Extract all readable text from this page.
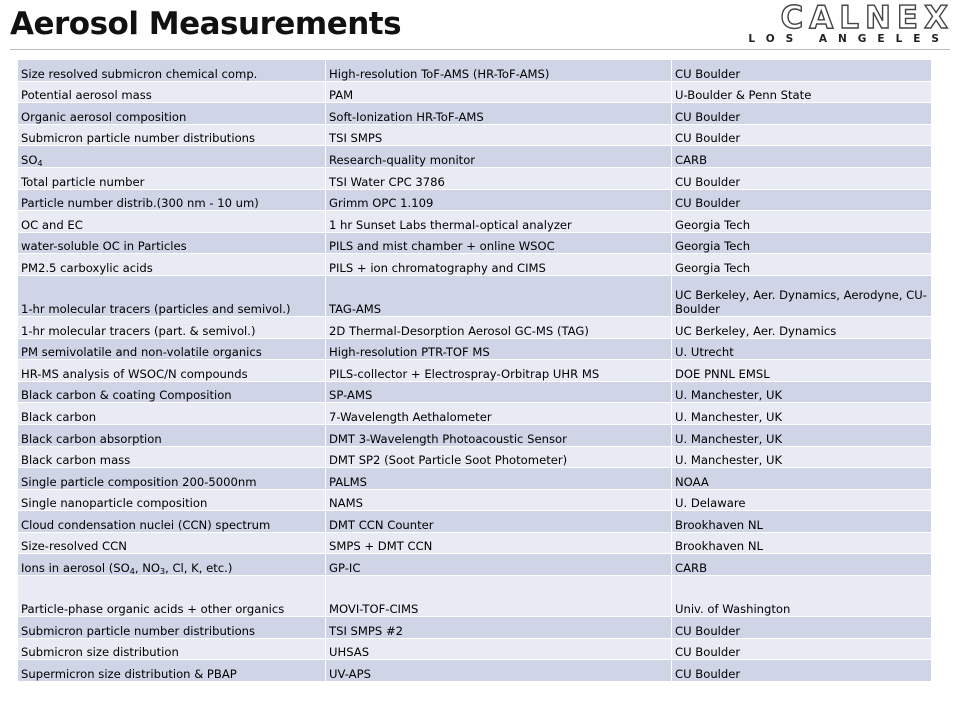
Aerosol Measurements	CALNEX
LOS ANGELES
Size resolved submicron chemical comp.	High-resolution ToF-AMS (HR-ToF-AMS)	CU Boulder
Potential aerosol mass	PAM	U-Boulder & Penn State
Organic aerosol composition	Soft-Ionization HR-ToF-AMS	CU Boulder
Submicron particle number distributions	TSI SMPS	CU Boulder
$SO_4$	Research-quality monitor	CARB
Total particle number	TSI Water CPC 3786	CU Boulder
Particle number distrib.(300 nm - 10 um)	Grimm OPC 1.109	CU Boulder
OC and EC	1 hr Sunset Labs thermal-optical analyzer	Georgia Tech
water-soluble OC in Particles	PILS and mist chamber + online WSOC	Georgia Tech
PM2.5 carboxylic acids	PILS + ion chromatography and CIMS	Georgia Tech
1-hr molecular tracers (particles and semivol.)	TAG-AMS	UC Berkeley, Aer. Dynamics, Aerodyne, CU-Boulder
1-hr molecular tracers (part. & semivol.)	2D Thermal-Desorption Aerosol GC-MS (TAG)	UC Berkeley, Aer. Dynamics
PM semivolatile and non-volatile organics	High-resolution PTR-TOF MS	U. Utrecht
HR-MS analysis of WSOC/N compounds	PILS-collector + Electrospray-Orbitrap UHR MS	DOE PNNL EMSL
Black carbon & coating Composition	SP-AMS	U. Manchester, UK
Black carbon	7-Wavelength Aethalometer	U. Manchester, UK
Black carbon absorption	DMT 3-Wavelength Photoacoustic Sensor	U. Manchester, UK
Black carbon mass	DMT SP2 (Soot Particle Soot Photometer)	U. Manchester, UK
Single particle composition 200-5000nm	PALMS	NOAA
Single nanoparticle composition	NAMS	U. Delaware
Cloud condensation nuclei (CCN) spectrum	DMT CCN Counter	Brookhaven NL
Size-resolved CCN	SMPS + DMT CCN	Brookhaven NL
Ions in aerosol ($SO_4$, $NO_3$, Cl, K, etc.)	GP-IC	CARB
Particle-phase organic acids + other organics	MOVI-TOF-CIMS	Univ. of Washington
Submicron particle number distributions	TSI SMPS #2	CU Boulder
Submicron size distribution	UHSAS	CU Boulder
Supermicron size distribution & PBAP	UV-APS	CU Boulder
